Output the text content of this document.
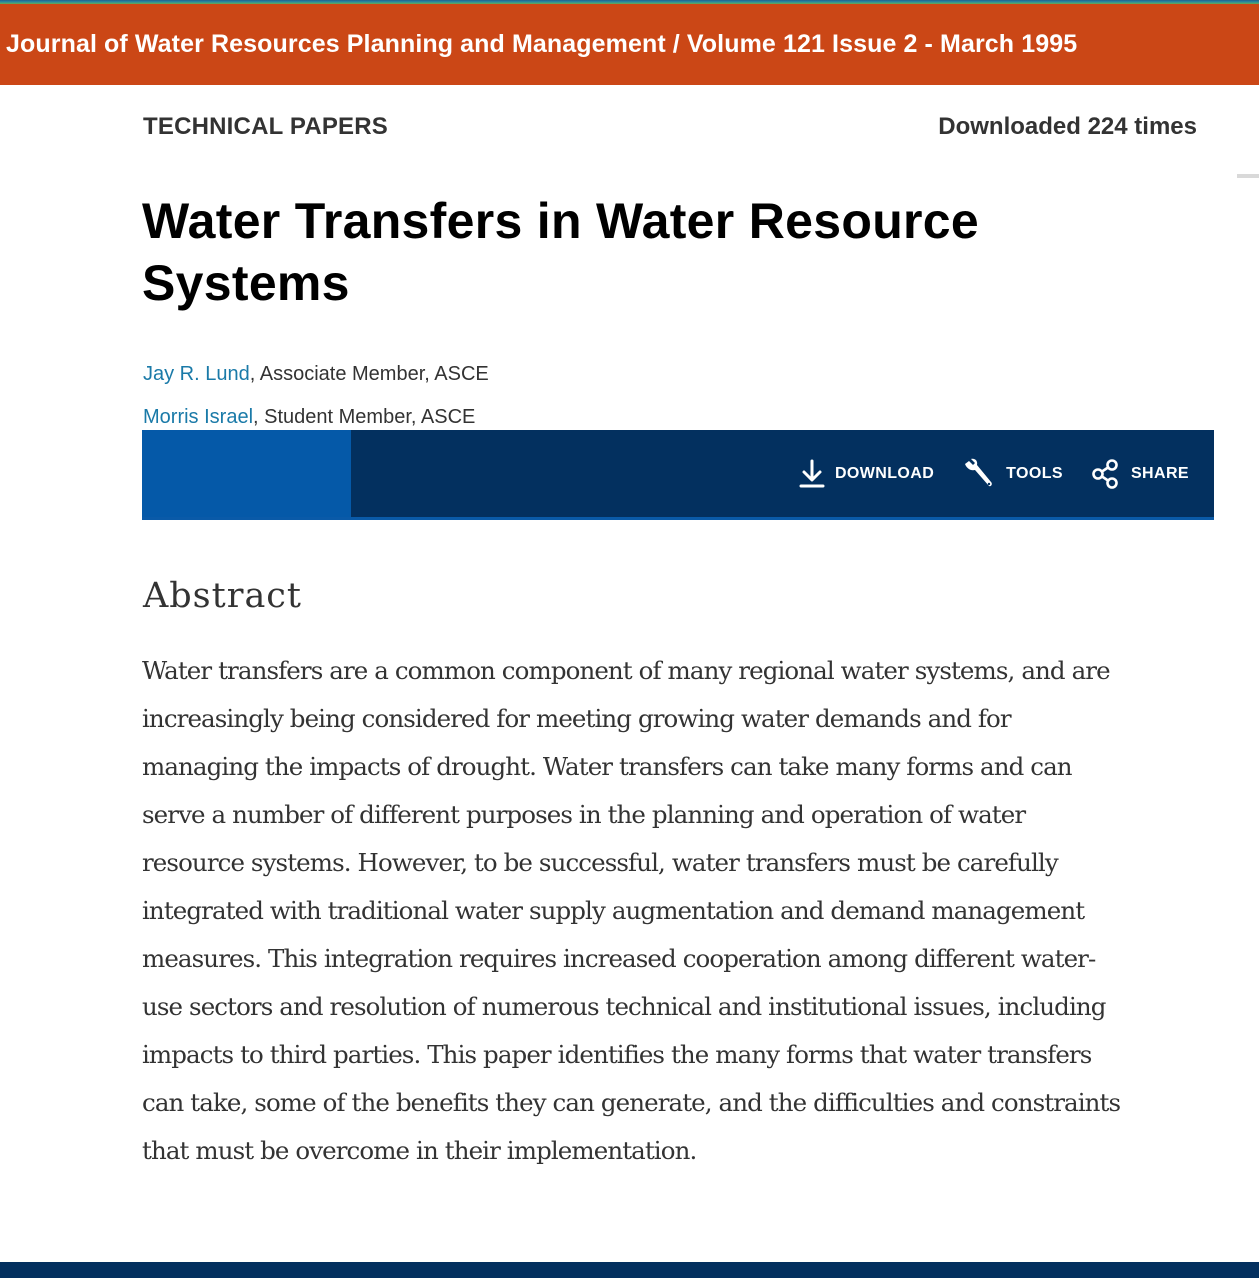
Journal of Water Resources Planning and Management / Volume 121 Issue 2 - March 1995
TECHNICAL PAPERS	Downloaded 224 times
Water Transfers in Water Resource Systems
Jay R. Lund, Associate Member, ASCE
Morris Israel, Student Member, ASCE
DOWNLOAD	TOOLS	SHARE
Abstract
Water transfers are a common component of many regional water systems, and are
increasingly being considered for meeting growing water demands and for
managing the impacts of drought. Water transfers can take many forms and can
serve a number of different purposes in the planning and operation of water
resource systems. However, to be successful, water transfers must be carefully
integrated with traditional water supply augmentation and demand management
measures. This integration requires increased cooperation among different water-
use sectors and resolution of numerous technical and institutional issues, including
impacts to third parties. This paper identifies the many forms that water transfers
can take, some of the benefits they can generate, and the difficulties and constraints
that must be overcome in their implementation.
